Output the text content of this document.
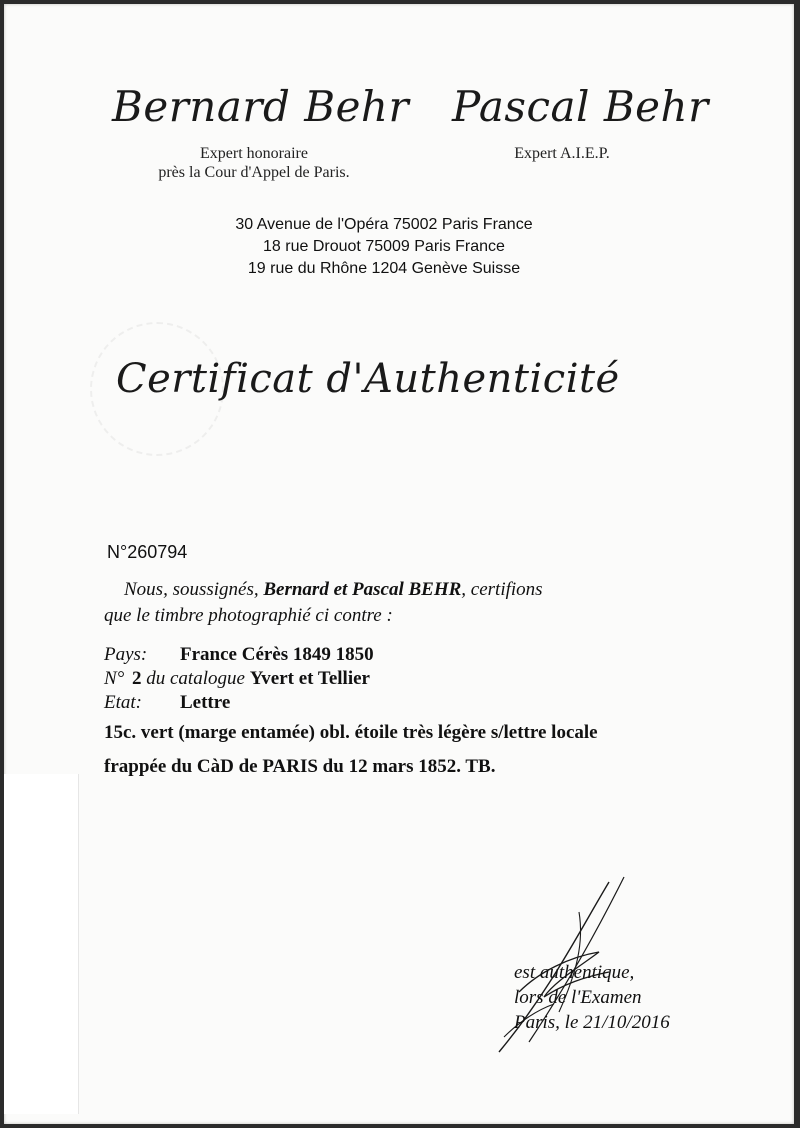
Bernard Behr Pascal Behr
Expert honoraire
près la Cour d'Appel de Paris.
Expert A.I.E.P.
30 Avenue de l'Opéra 75002 Paris France
18 rue Drouot 75009 Paris France
19 rue du Rhône 1204 Genève Suisse
Certificat d'Authenticité
N°260794
Nous, soussignés, Bernard et Pascal BEHR, certifions
que le timbre photographié ci contre :
Pays: France Cérès 1849 1850
N° 2 du catalogue Yvert et Tellier
Etat: Lettre
15c. vert (marge entamée) obl. étoile très légère s/lettre locale
frappée du CàD de PARIS du 12 mars 1852. TB.
est authentique,
lors de l'Examen
Paris, le 21/10/2016
